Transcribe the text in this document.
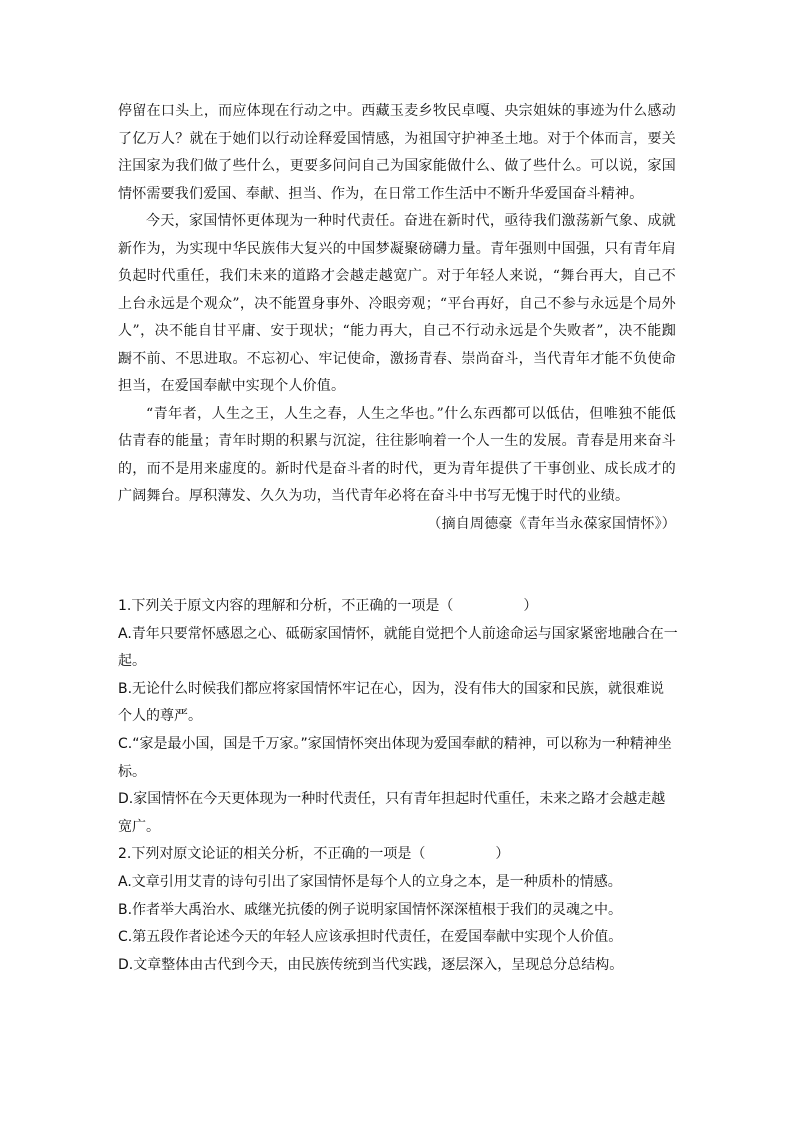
停留在口头上，而应体现在行动之中。西藏玉麦乡牧民卓嘎、央宗姐妹的事迹为什么感动了亿万人？就在于她们以行动诠释爱国情感，为祖国守护神圣土地。对于个体而言，要关注国家为我们做了些什么，更要多问问自己为国家能做什么、做了些什么。可以说，家国情怀需要我们爱国、奉献、担当、作为，在日常工作生活中不断升华爱国奋斗精神。

今天，家国情怀更体现为一种时代责任。奋进在新时代，亟待我们激荡新气象、成就新作为，为实现中华民族伟大复兴的中国梦凝聚磅礴力量。青年强则中国强，只有青年肩负起时代重任，我们未来的道路才会越走越宽广。对于年轻人来说，“舞台再大，自己不上台永远是个观众”，决不能置身事外、冷眼旁观；“平台再好，自己不参与永远是个局外人”，决不能自甘平庸、安于现状；“能力再大，自己不行动永远是个失败者”，决不能踟蹰不前、不思进取。不忘初心、牢记使命，激扬青春、崇尚奋斗，当代青年才能不负使命担当，在爱国奉献中实现个人价值。

“青年者，人生之王，人生之春，人生之华也。”什么东西都可以低估，但唯独不能低估青春的能量；青年时期的积累与沉淀，往往影响着一个人一生的发展。青春是用来奋斗的，而不是用来虚度的。新时代是奋斗者的时代，更为青年提供了干事创业、成长成才的广阔舞台。厚积薄发、久久为功，当代青年必将在奋斗中书写无愧于时代的业绩。

（摘自周德豪《青年当永葆家国情怀》）

1.下列关于原文内容的理解和分析，不正确的一项是（	）

A.青年只要常怀感恩之心、砥砺家国情怀，就能自觉把个人前途命运与国家紧密地融合在一起。

B.无论什么时候我们都应将家国情怀牢记在心，因为，没有伟大的国家和民族，就很难说个人的尊严。

C.“家是最小国，国是千万家。”家国情怀突出体现为爱国奉献的精神，可以称为一种精神坐标。

D.家国情怀在今天更体现为一种时代责任，只有青年担起时代重任，未来之路才会越走越宽广。

2.下列对原文论证的相关分析，不正确的一项是（	）

A.文章引用艾青的诗句引出了家国情怀是每个人的立身之本，是一种质朴的情感。

B.作者举大禹治水、戚继光抗倭的例子说明家国情怀深深植根于我们的灵魂之中。

C.第五段作者论述今天的年轻人应该承担时代责任，在爱国奉献中实现个人价值。

D.文章整体由古代到今天，由民族传统到当代实践，逐层深入，呈现总分总结构。
